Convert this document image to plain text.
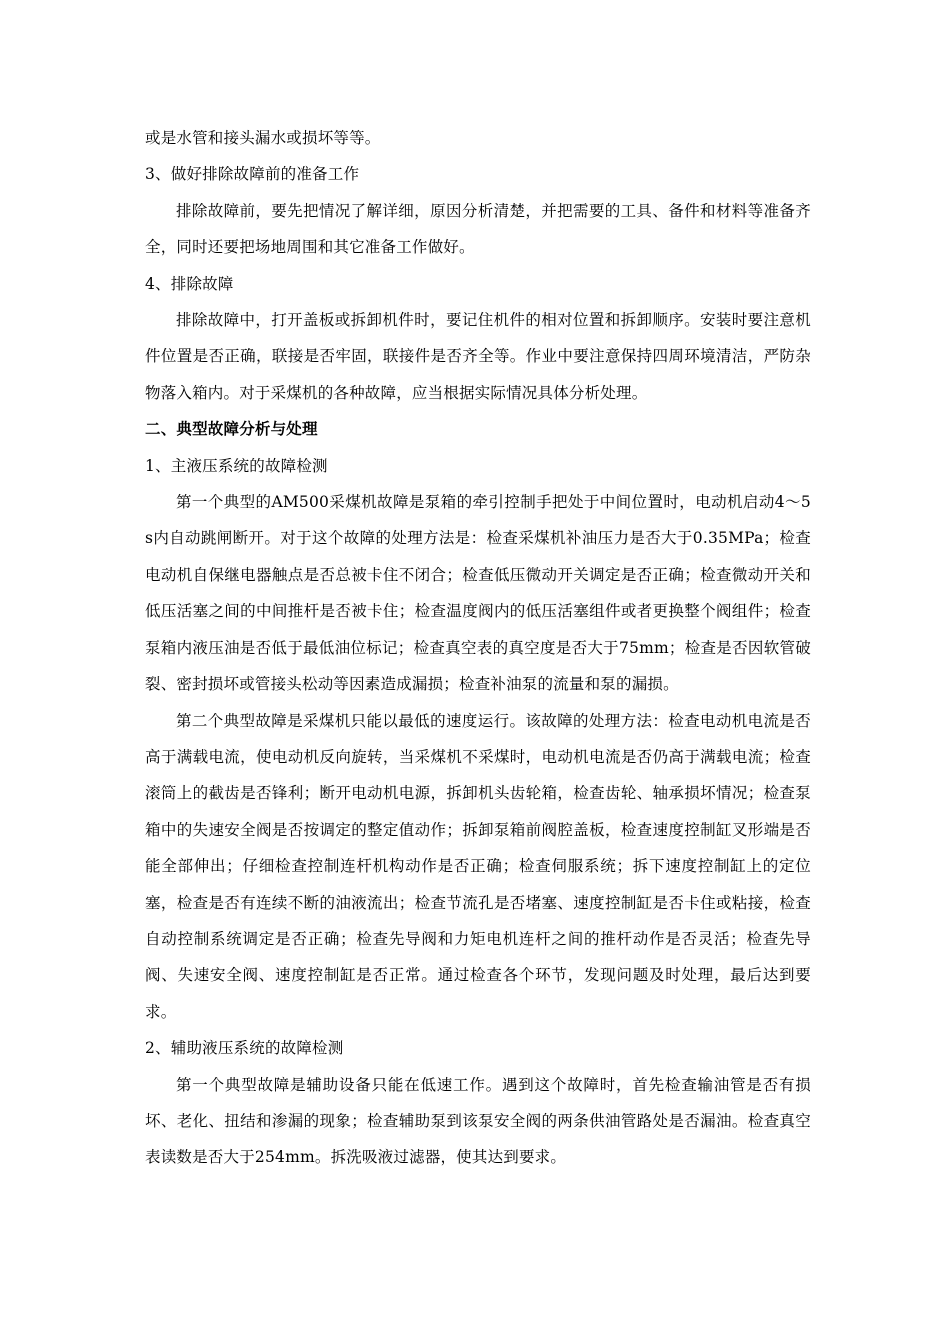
或是水管和接头漏水或损坏等等。

3、做好排除故障前的准备工作

排除故障前，要先把情况了解详细，原因分析清楚，并把需要的工具、备件和材料等准备齐全，同时还要把场地周围和其它准备工作做好。

4、排除故障

排除故障中，打开盖板或拆卸机件时，要记住机件的相对位置和拆卸顺序。安装时要注意机件位置是否正确，联接是否牢固，联接件是否齐全等。作业中要注意保持四周环境清洁，严防杂物落入箱内。对于采煤机的各种故障，应当根据实际情况具体分析处理。

二、典型故障分析与处理

1、主液压系统的故障检测

第一个典型的AM500采煤机故障是泵箱的牵引控制手把处于中间位置时，电动机启动4～5s内自动跳闸断开。对于这个故障的处理方法是：检查采煤机补油压力是否大于0.35MPa；检查电动机自保继电器触点是否总被卡住不闭合；检查低压微动开关调定是否正确；检查微动开关和低压活塞之间的中间推杆是否被卡住；检查温度阀内的低压活塞组件或者更换整个阀组件；检查泵箱内液压油是否低于最低油位标记；检查真空表的真空度是否大于75mm；检查是否因软管破裂、密封损坏或管接头松动等因素造成漏损；检查补油泵的流量和泵的漏损。

第二个典型故障是采煤机只能以最低的速度运行。该故障的处理方法：检查电动机电流是否高于满载电流，使电动机反向旋转，当采煤机不采煤时，电动机电流是否仍高于满载电流；检查滚筒上的截齿是否锋利；断开电动机电源，拆卸机头齿轮箱，检查齿轮、轴承损坏情况；检查泵箱中的失速安全阀是否按调定的整定值动作；拆卸泵箱前阀腔盖板，检查速度控制缸叉形端是否能全部伸出；仔细检查控制连杆机构动作是否正确；检查伺服系统；拆下速度控制缸上的定位塞，检查是否有连续不断的油液流出；检查节流孔是否堵塞、速度控制缸是否卡住或粘接，检查自动控制系统调定是否正确；检查先导阀和力矩电机连杆之间的推杆动作是否灵活；检查先导阀、失速安全阀、速度控制缸是否正常。通过检查各个环节，发现问题及时处理，最后达到要求。

2、辅助液压系统的故障检测

第一个典型故障是辅助设备只能在低速工作。遇到这个故障时，首先检查输油管是否有损坏、老化、扭结和渗漏的现象；检查辅助泵到该泵安全阀的两条供油管路处是否漏油。检查真空表读数是否大于254mm。拆洗吸液过滤器，使其达到要求。
